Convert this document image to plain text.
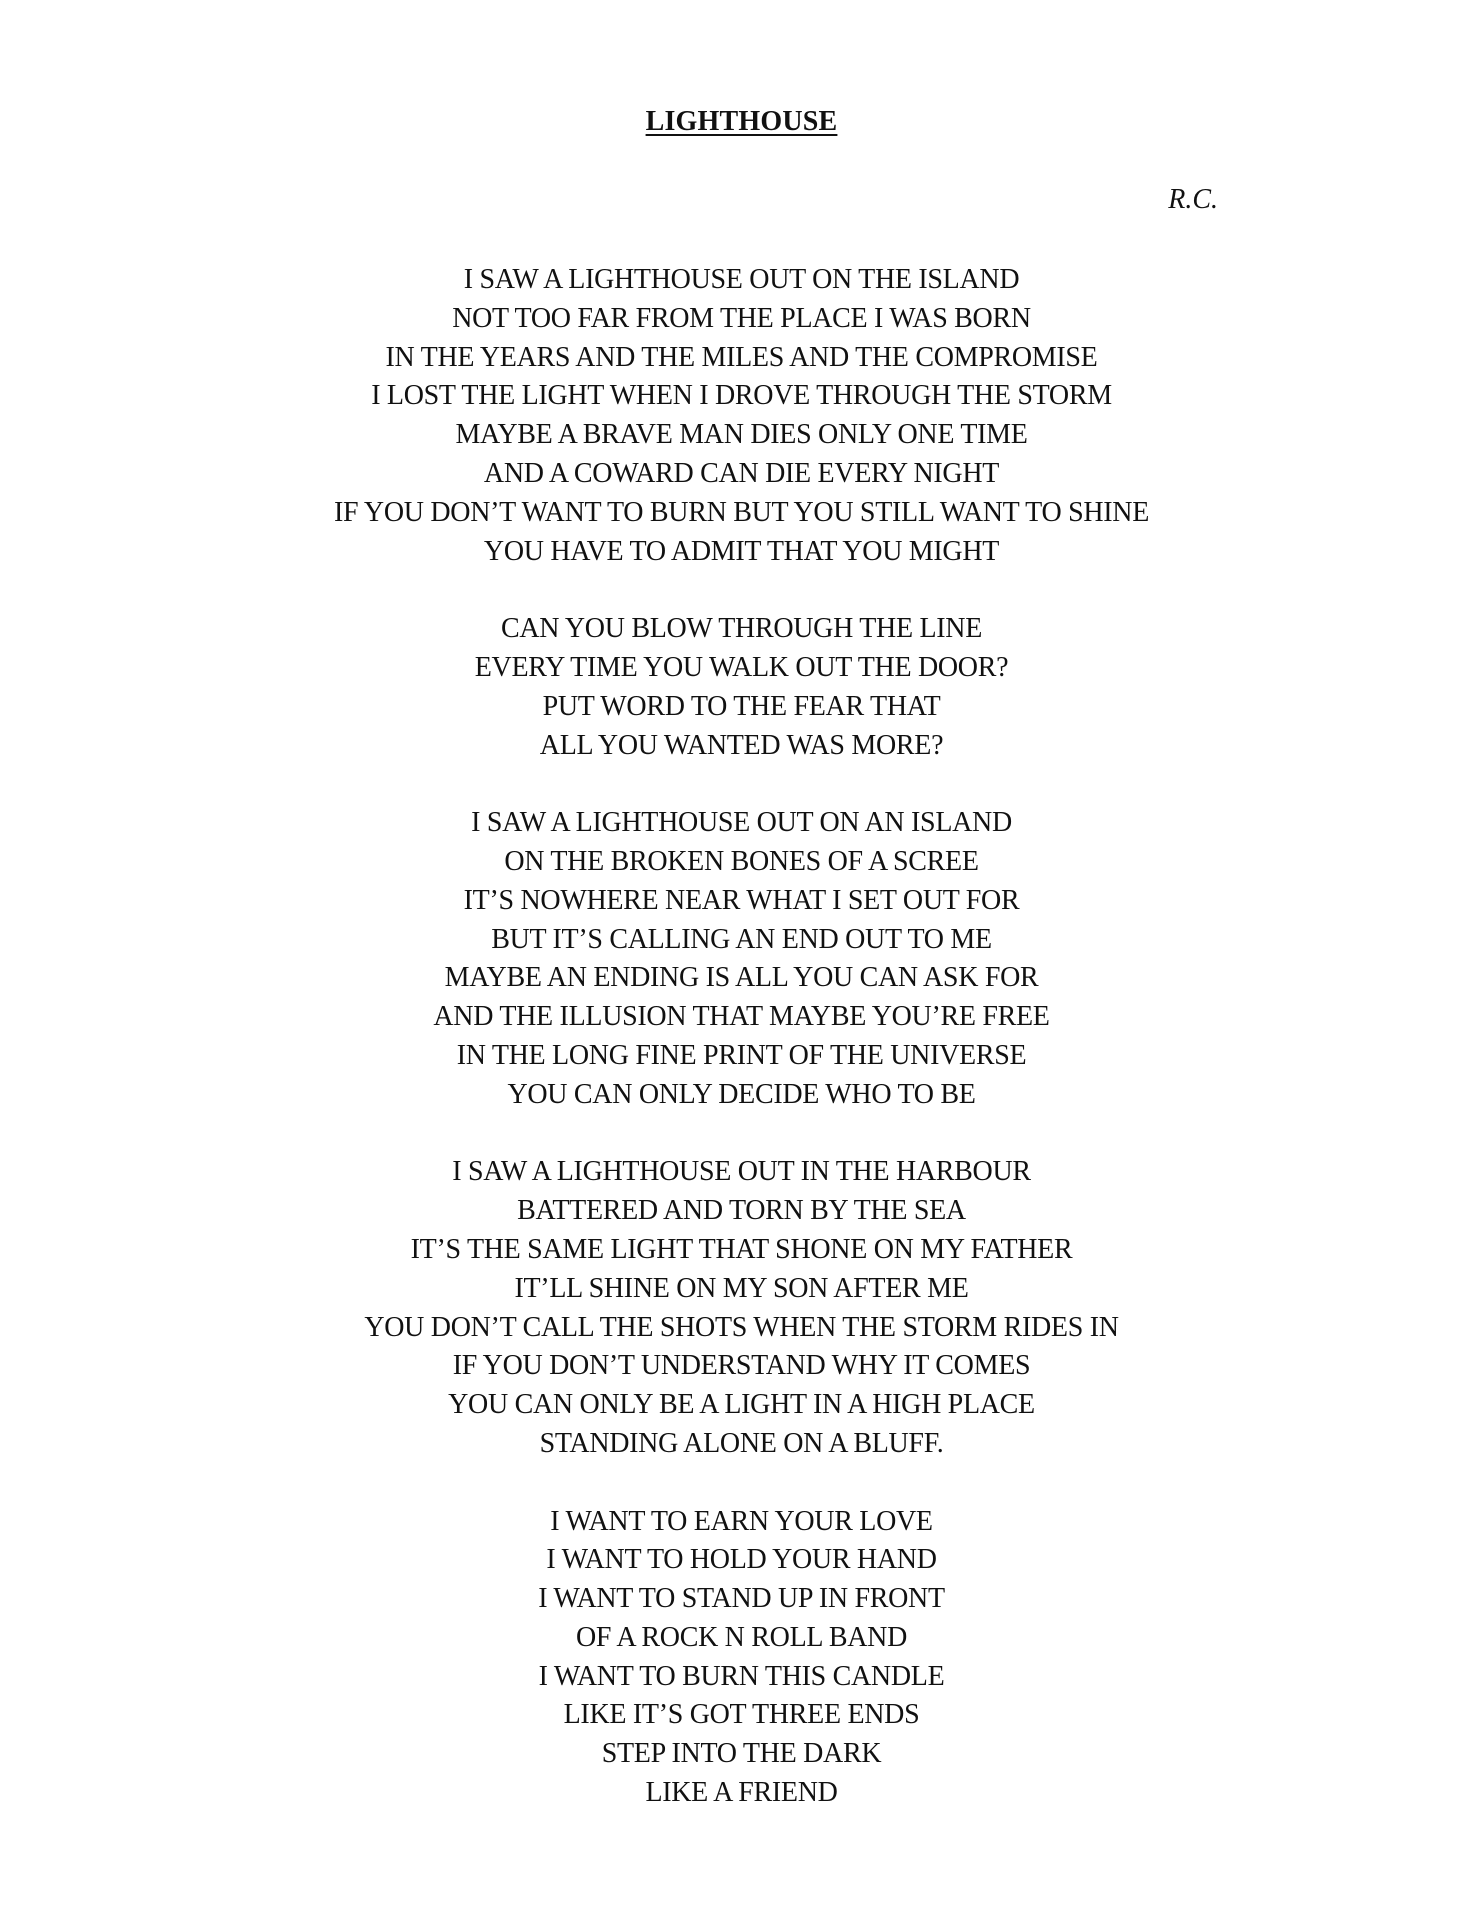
LIGHTHOUSE
R.C.
I SAW A LIGHTHOUSE OUT ON THE ISLAND
NOT TOO FAR FROM THE PLACE I WAS BORN
IN THE YEARS AND THE MILES AND THE COMPROMISE
I LOST THE LIGHT WHEN I DROVE THROUGH THE STORM
MAYBE A BRAVE MAN DIES ONLY ONE TIME
AND A COWARD CAN DIE EVERY NIGHT
IF YOU DON’T WANT TO BURN BUT YOU STILL WANT TO SHINE
YOU HAVE TO ADMIT THAT YOU MIGHT
CAN YOU BLOW THROUGH THE LINE
EVERY TIME YOU WALK OUT THE DOOR?
PUT WORD TO THE FEAR THAT
ALL YOU WANTED WAS MORE?
I SAW A LIGHTHOUSE OUT ON AN ISLAND
ON THE BROKEN BONES OF A SCREE
IT’S NOWHERE NEAR WHAT I SET OUT FOR
BUT IT’S CALLING AN END OUT TO ME
MAYBE AN ENDING IS ALL YOU CAN ASK FOR
AND THE ILLUSION THAT MAYBE YOU’RE FREE
IN THE LONG FINE PRINT OF THE UNIVERSE
YOU CAN ONLY DECIDE WHO TO BE
I SAW A LIGHTHOUSE OUT IN THE HARBOUR
BATTERED AND TORN BY THE SEA
IT’S THE SAME LIGHT THAT SHONE ON MY FATHER
IT’LL SHINE ON MY SON AFTER ME
YOU DON’T CALL THE SHOTS WHEN THE STORM RIDES IN
IF YOU DON’T UNDERSTAND WHY IT COMES
YOU CAN ONLY BE A LIGHT IN A HIGH PLACE
STANDING ALONE ON A BLUFF.
I WANT TO EARN YOUR LOVE
I WANT TO HOLD YOUR HAND
I WANT TO STAND UP IN FRONT
OF A ROCK N ROLL BAND
I WANT TO BURN THIS CANDLE
LIKE IT’S GOT THREE ENDS
STEP INTO THE DARK
LIKE A FRIEND
